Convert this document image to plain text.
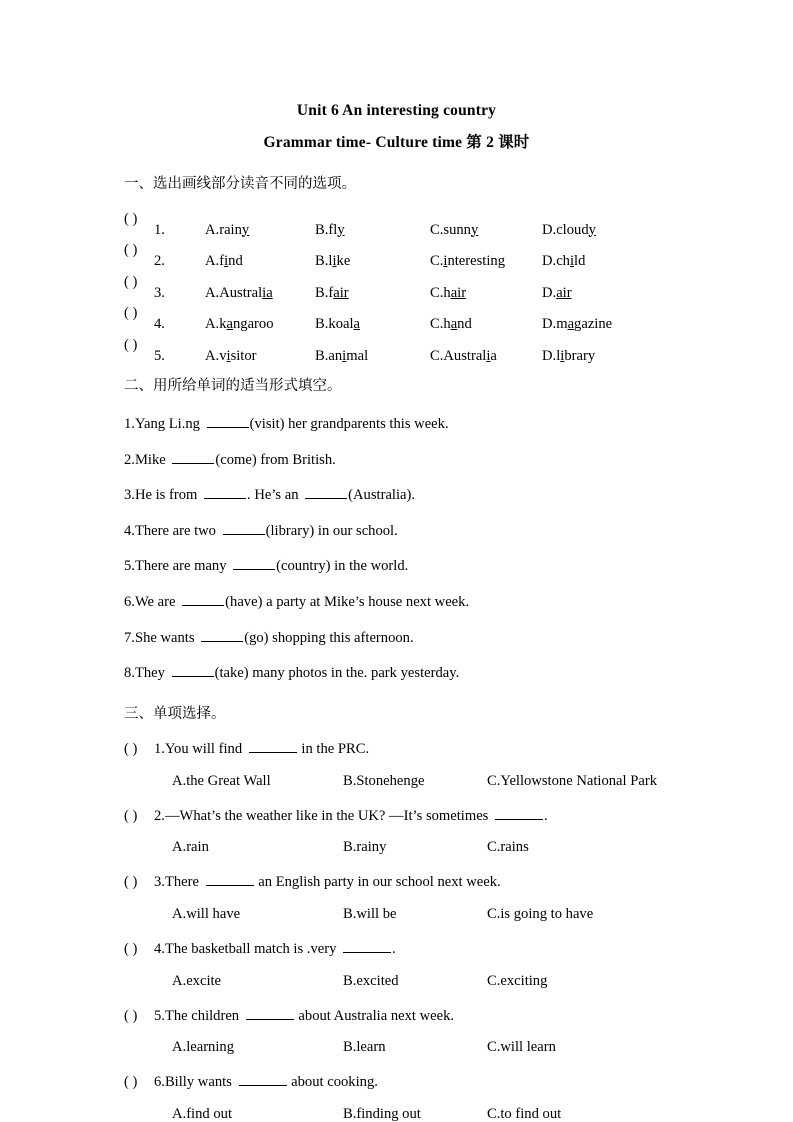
Unit 6 An interesting country
Grammar time- Culture time 第 2 课时
一、选出画线部分读音不同的选项。
( )
1.	A.rainy	B.fly	C.sunny	D.cloudy
( )
2.	A.find	B.like	C.interesting	D.child
( )
3.	A.Australia	B.fair	C.hair	D.air
( )
4.	A.kangaroo	B.koala	C.hand	D.magazine
( )
5.	A.visitor	B.animal	C.Australia	D.library
二、用所给单词的适当形式填空。
1.Yang Li.ng	(visit) her grandparents this week.
2.Mike	(come) from British.
3.He is from	. He’s an	(Australia).
4.There are two	(library) in our school.
5.There are many	(country) in the world.
6.We are	(have) a party at Mike’s house next week.
7.She wants	(go) shopping this afternoon.
8.They	(take) many photos in the. park yesterday.
三、单项选择。
( ) 1.You will find	in the PRC.
A.the Great Wall	B.Stonehenge	C.Yellowstone National Park
( ) 2.—What’s the weather like in the UK? —It’s sometimes	.
A.rain	B.rainy	C.rains
( ) 3.There	an English party in our school next week.
A.will have	B.will be	C.is going to have
( ) 4.The basketball match is .very	.
A.excite	B.excited	C.exciting
( ) 5.The children	about Australia next week.
A.learning	B.learn	C.will learn
( ) 6.Billy wants	about cooking.
A.find out	B.finding out	C.to find out
